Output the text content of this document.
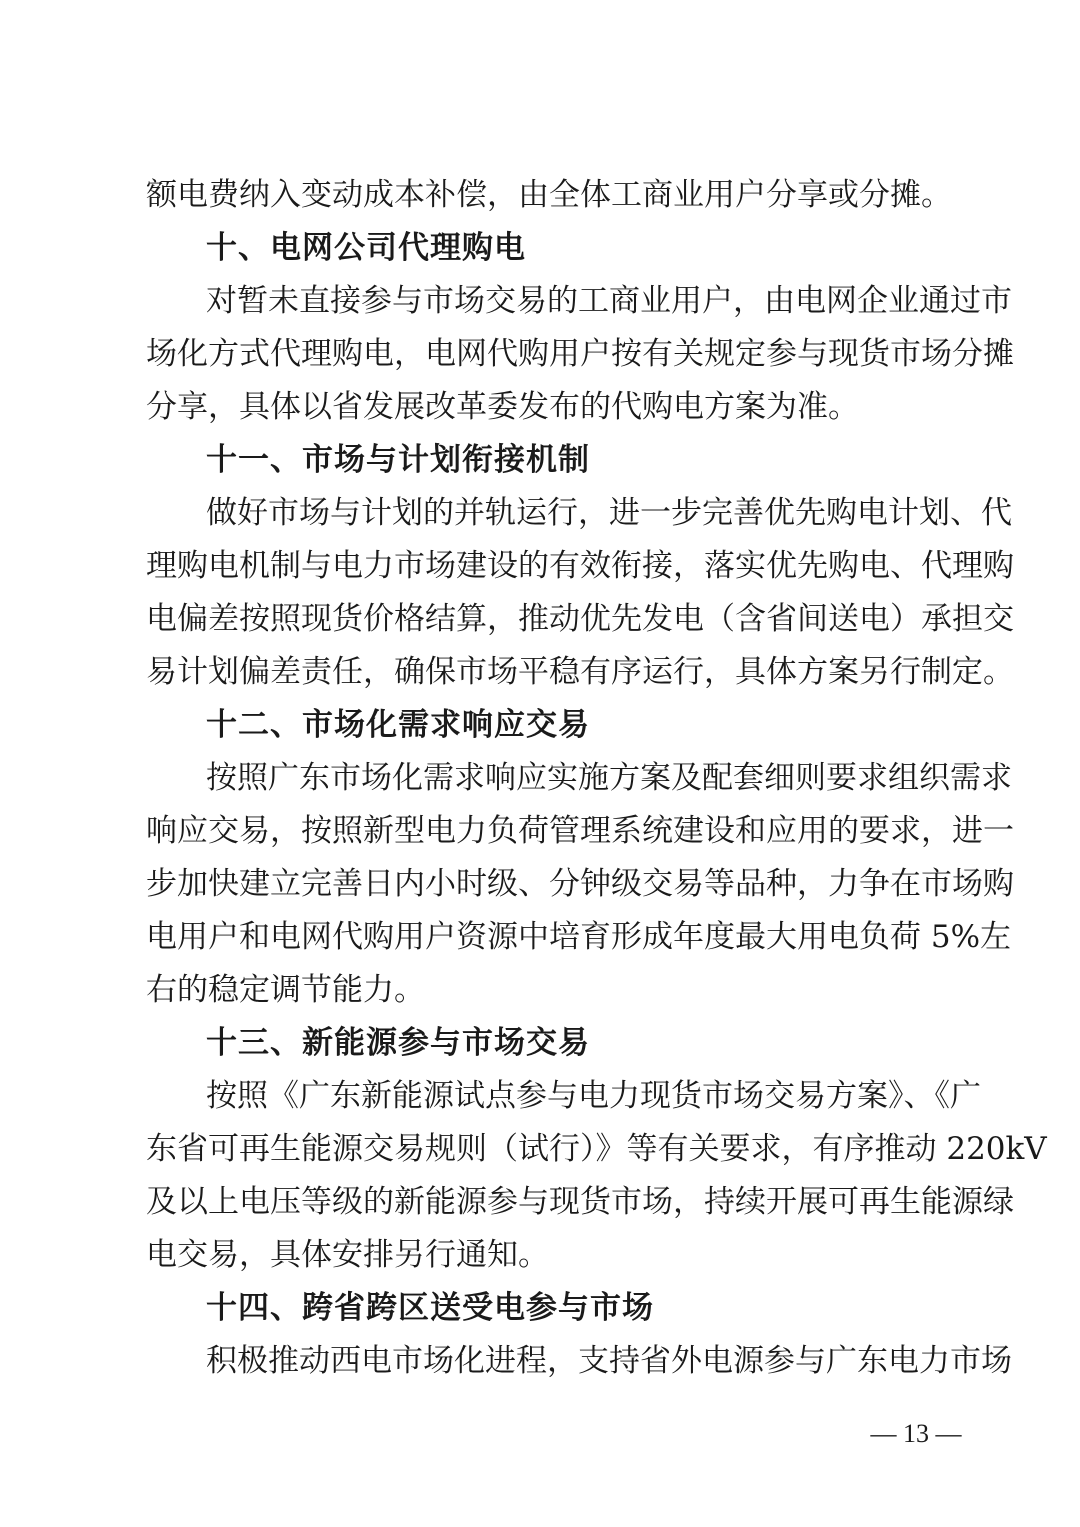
额电费纳入变动成本补偿，由全体工商业用户分享或分摊。
十、电网公司代理购电
对暂未直接参与市场交易的工商业用户，由电网企业通过市
场化方式代理购电，电网代购用户按有关规定参与现货市场分摊
分享，具体以省发展改革委发布的代购电方案为准。
十一、市场与计划衔接机制
做好市场与计划的并轨运行，进一步完善优先购电计划、代
理购电机制与电力市场建设的有效衔接，落实优先购电、代理购
电偏差按照现货价格结算，推动优先发电（含省间送电）承担交
易计划偏差责任，确保市场平稳有序运行，具体方案另行制定。
十二、市场化需求响应交易
按照广东市场化需求响应实施方案及配套细则要求组织需求
响应交易，按照新型电力负荷管理系统建设和应用的要求，进一
步加快建立完善日内小时级、分钟级交易等品种，力争在市场购
电用户和电网代购用户资源中培育形成年度最大用电负荷 5%左
右的稳定调节能力。
十三、新能源参与市场交易
按照《广东新能源试点参与电力现货市场交易方案》、《广
东省可再生能源交易规则（试行）》等有关要求，有序推动 220kV
及以上电压等级的新能源参与现货市场，持续开展可再生能源绿
电交易，具体安排另行通知。
十四、跨省跨区送受电参与市场
积极推动西电市场化进程，支持省外电源参与广东电力市场
— 13 —
